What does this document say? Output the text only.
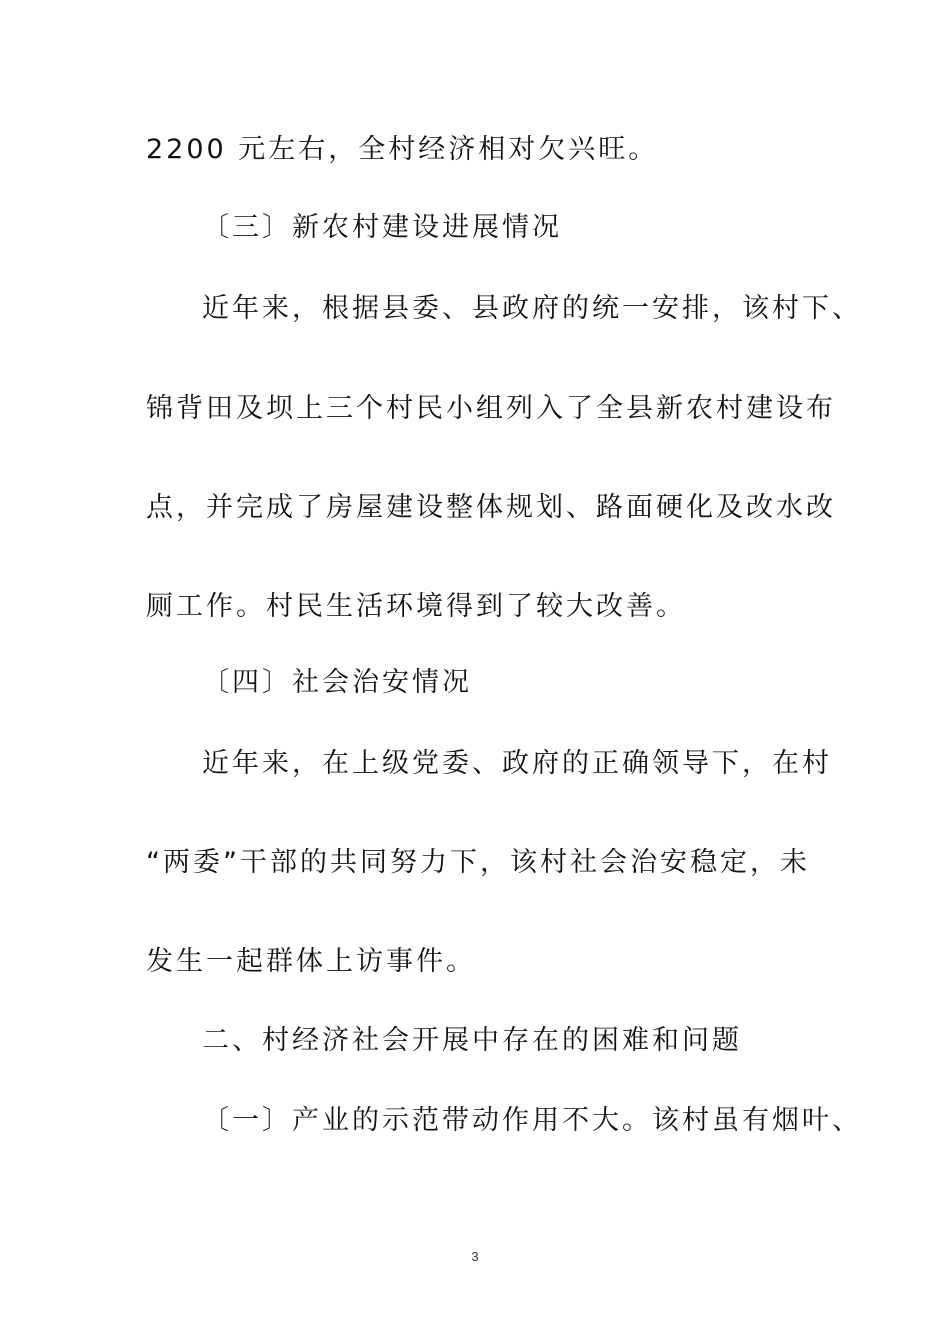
2200 元左右，全村经济相对欠兴旺。
〔三〕新农村建设进展情况
近年来，根据县委、县政府的统一安排，该村下、
锦背田及坝上三个村民小组列入了全县新农村建设布
点，并完成了房屋建设整体规划、路面硬化及改水改
厕工作。村民生活环境得到了较大改善。
〔四〕社会治安情况
近年来，在上级党委、政府的正确领导下，在村
“两委”干部的共同努力下，该村社会治安稳定，未
发生一起群体上访事件。
二、村经济社会开展中存在的困难和问题
〔一〕产业的示范带动作用不大。该村虽有烟叶、
3
